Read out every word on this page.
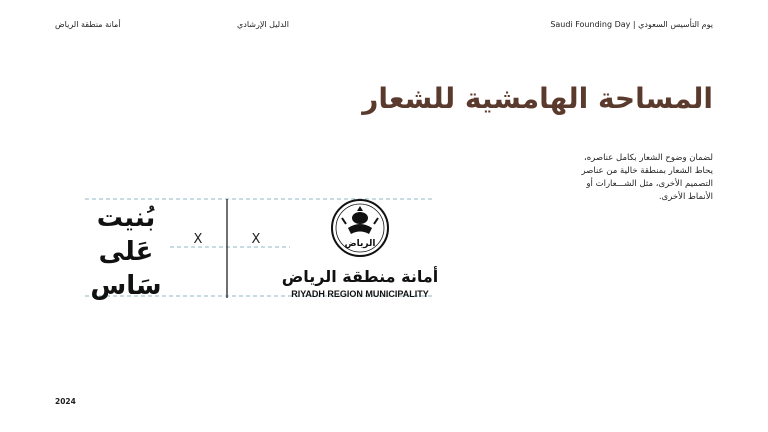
أمانة منطقة الرياض	الدليل الإرشادي	يوم التأسيس السعودي | Saudi Founding Day
المساحة الهامشية للشعار
لضمان وضوح الشعار بكامل عناصره،
يحاط الشعار بمنطقة خالية من عناصر
التصميم الأخرى، مثل الشـــعارات أو
الأنماط الأخرى.
بُنيت
عَلى
سَاس
X	X	الرياض
أمانة منطقة الرياض
RIYADH REGION MUNICIPALITY
2024
